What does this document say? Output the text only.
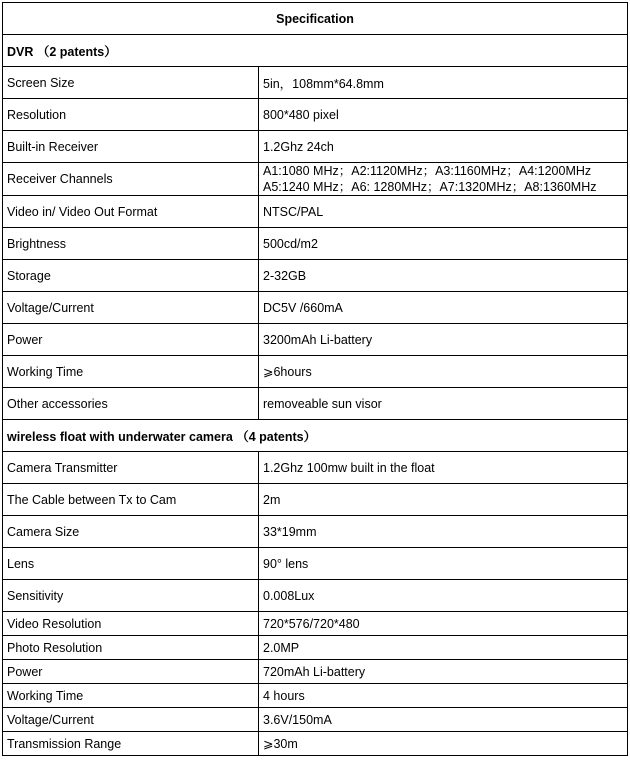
Specification	
DVR （2 patents）	
Screen Size	5in，108mm*64.8mm
Resolution	800*480 pixel
Built-in Receiver	1.2Ghz 24ch
Receiver Channels	A1:1080 MHz；A2:1120MHz；A3:1160MHz；A4:1200MHz
A5:1240 MHz；A6: 1280MHz；A7:1320MHz；A8:1360MHz

Video in/ Video Out Format	NTSC/PAL
Brightness	500cd/m2
Storage	2-32GB
Voltage/Current	DC5V /660mA
Power	3200mAh Li-battery
Working Time	⩾6hours
Other accessories	removeable sun visor
wireless float with underwater camera （4 patents）	
Camera Transmitter	1.2Ghz 100mw built in the float
The Cable between Tx to Cam	2m
Camera Size	33*19mm
Lens	90° lens
Sensitivity	0.008Lux
Video Resolution	720*576/720*480
Photo Resolution	2.0MP
Power	720mAh Li-battery
Working Time	4 hours
Voltage/Current	3.6V/150mA
Transmission Range	⩾30m
